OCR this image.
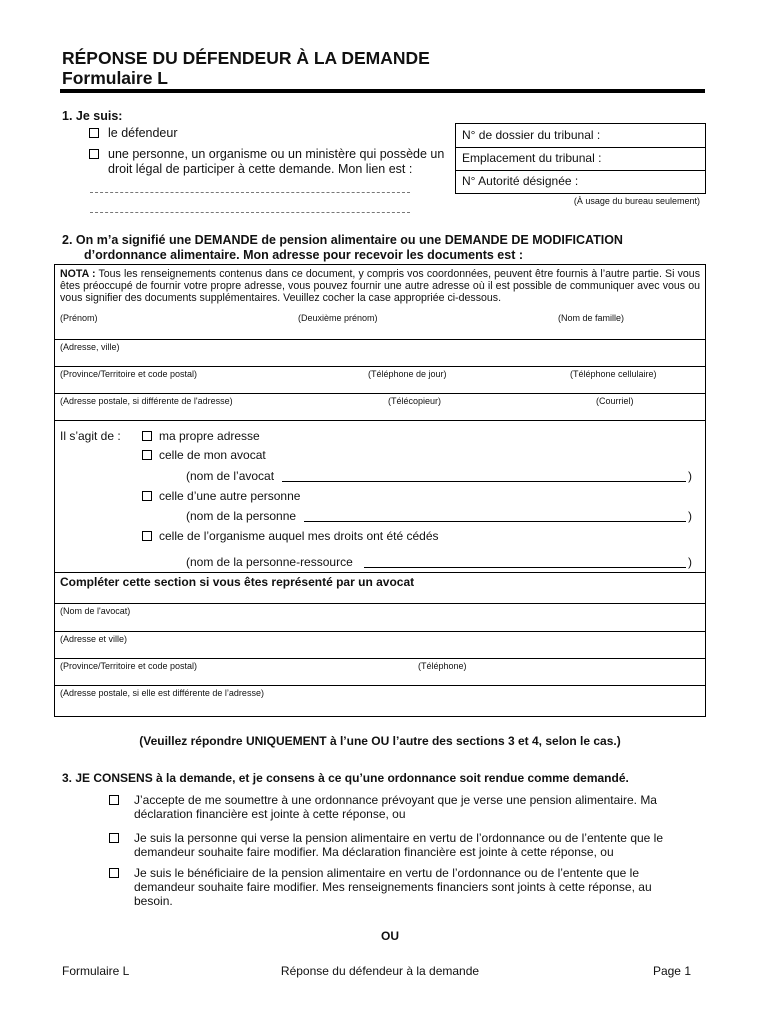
RÉPONSE DU DÉFENDEUR À LA DEMANDE
Formulaire L
1. Je suis:
le défendeur
une personne, un organisme ou un ministère qui possède un
droit légal de participer à cette demande. Mon lien est :
N° de dossier du tribunal :
Emplacement du tribunal :
N° Autorité désignée :
(À usage du bureau seulement)
2. On m’a signifié une DEMANDE de pension alimentaire ou une DEMANDE DE MODIFICATION
d’ordonnance alimentaire. Mon adresse pour recevoir les documents est :
NOTA : Tous les renseignements contenus dans ce document, y compris vos coordonnées, peuvent être fournis à l’autre partie. Si vous êtes préoccupé de fournir votre propre adresse, vous pouvez fournir une autre adresse où il est possible de communiquer avec vous ou vous signifier des documents supplémentaires. Veuillez cocher la case appropriée ci-dessous.
(Prénom)	(Deuxième prénom)	(Nom de famille)
(Adresse, ville)
(Province/Territoire et code postal)	(Téléphone de jour)	(Téléphone cellulaire)
(Adresse postale, si différente de l'adresse)	(Télécopieur)	(Courriel)
Il s’agit de :	ma propre adresse
celle de mon avocat
(nom de l’avocat	)
celle d’une autre personne
(nom de la personne	)
celle de l’organisme auquel mes droits ont été cédés
(nom de la personne-ressource	)
Compléter cette section si vous êtes représenté par un avocat
(Nom de l'avocat)
(Adresse et ville)
(Province/Territoire et code postal)	(Téléphone)
(Adresse postale, si elle est différente de l’adresse)
(Veuillez répondre UNIQUEMENT à l’une OU l’autre des sections 3 et 4, selon le cas.)
3. JE CONSENS à la demande, et je consens à ce qu’une ordonnance soit rendue comme demandé.
J’accepte de me soumettre à une ordonnance prévoyant que je verse une pension alimentaire. Ma
déclaration financière est jointe à cette réponse, ou
Je suis la personne qui verse la pension alimentaire en vertu de l’ordonnance ou de l’entente que le
demandeur souhaite faire modifier. Ma déclaration financière est jointe à cette réponse, ou
Je suis le bénéficiaire de la pension alimentaire en vertu de l’ordonnance ou de l’entente que le
demandeur souhaite faire modifier. Mes renseignements financiers sont joints à cette réponse, au
besoin.
OU
Formulaire L	Réponse du défendeur à la demande	Page 1
